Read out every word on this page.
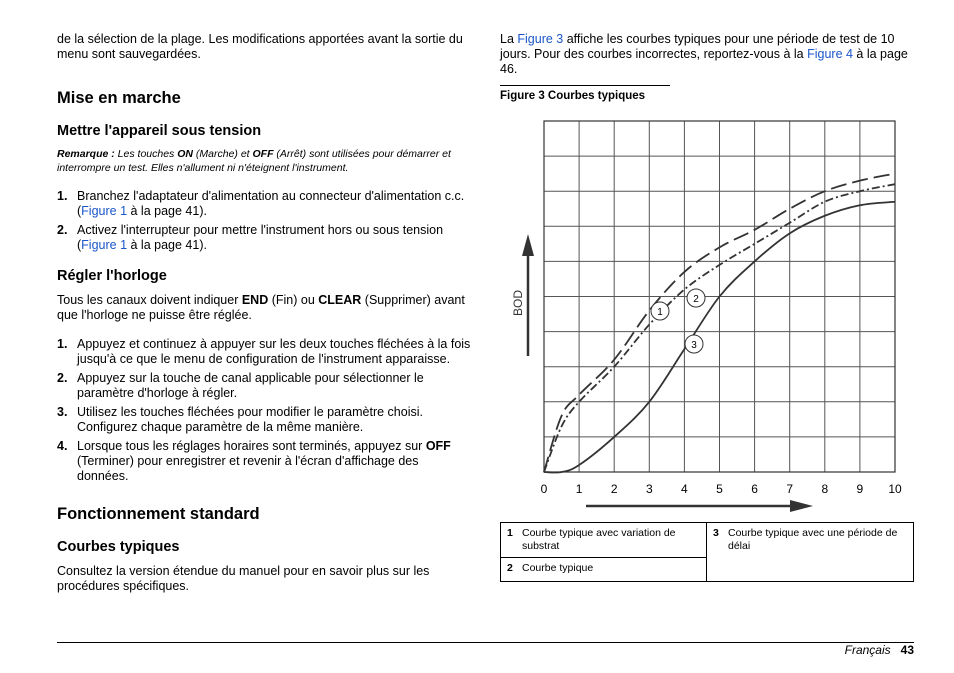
de la sélection de la plage. Les modifications apportées avant la sortie du menu sont sauvegardées.

Mise en marche
Mettre l'appareil sous tension

Remarque : Les touches ON (Marche) et OFF (Arrêt) sont utilisées pour démarrer et interrompre un test. Elles n'allument ni n'éteignent l'instrument.

1. Branchez l'adaptateur d'alimentation au connecteur d'alimentation c.c. (Figure 1 à la page 41).
2. Activez l'interrupteur pour mettre l'instrument hors ou sous tension (Figure 1 à la page 41).
Régler l'horloge

Tous les canaux doivent indiquer END (Fin) ou CLEAR (Supprimer) avant que l'horloge ne puisse être réglée.

1. Appuyez et continuez à appuyer sur les deux touches fléchées à la fois jusqu'à ce que le menu de configuration de l'instrument apparaisse.
2. Appuyez sur la touche de canal applicable pour sélectionner le paramètre d'horloge à régler.
3. Utilisez les touches fléchées pour modifier le paramètre choisi. Configurez chaque paramètre de la même manière.
4. Lorsque tous les réglages horaires sont terminés, appuyez sur OFF (Terminer) pour enregistrer et revenir à l'écran d'affichage des données.
Fonctionnement standard
Courbes typiques

Consultez la version étendue du manuel pour en savoir plus sur les procédures spécifiques.

La Figure 3 affiche les courbes typiques pour une période de test de 10 jours. Pour des courbes incorrectes, reportez-vous à la Figure 4 à la page 46.

Figure 3 Courbes typiques
0 1 2 3 4 5 6 7 8 9 10
BOD	1
2
3
1 Courbe typique avec variation de substrat	3 Courbe typique avec une période de délai
2 Courbe typique
Français 43
